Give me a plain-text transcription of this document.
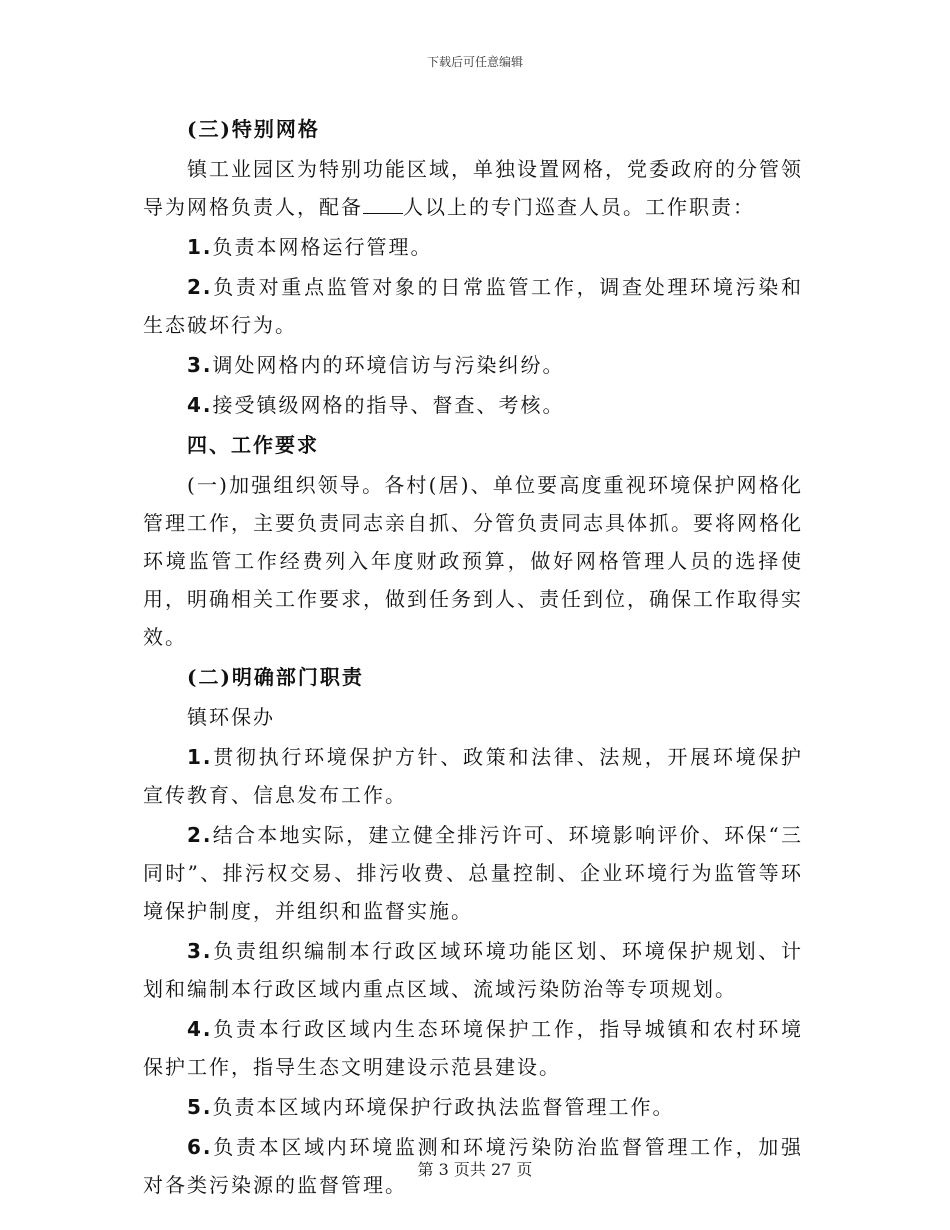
下载后可任意编辑

(三)特别网格

镇工业园区为特别功能区域，单独设置网格，党委政府的分管领导为网格负责人，配备 人以上的专门巡查人员。工作职责：

1.负责本网格运行管理。

2.负责对重点监管对象的日常监管工作，调查处理环境污染和生态破坏行为。

3.调处网格内的环境信访与污染纠纷。

4.接受镇级网格的指导、督查、考核。

四、工作要求

(一)加强组织领导。各村(居)、单位要高度重视环境保护网格化管理工作，主要负责同志亲自抓、分管负责同志具体抓。要将网格化环境监管工作经费列入年度财政预算，做好网格管理人员的选择使用，明确相关工作要求，做到任务到人、责任到位，确保工作取得实效。

(二)明确部门职责

镇环保办

1.贯彻执行环境保护方针、政策和法律、法规，开展环境保护宣传教育、信息发布工作。

2.结合本地实际，建立健全排污许可、环境影响评价、环保“三同时”、排污权交易、排污收费、总量控制、企业环境行为监管等环境保护制度，并组织和监督实施。

3.负责组织编制本行政区域环境功能区划、环境保护规划、计划和编制本行政区域内重点区域、流域污染防治等专项规划。

4.负责本行政区域内生态环境保护工作，指导城镇和农村环境保护工作，指导生态文明建设示范县建设。

5.负责本区域内环境保护行政执法监督管理工作。

6.负责本区域内环境监测和环境污染防治监督管理工作，加强对各类污染源的监督管理。

第 3 页共 27 页
